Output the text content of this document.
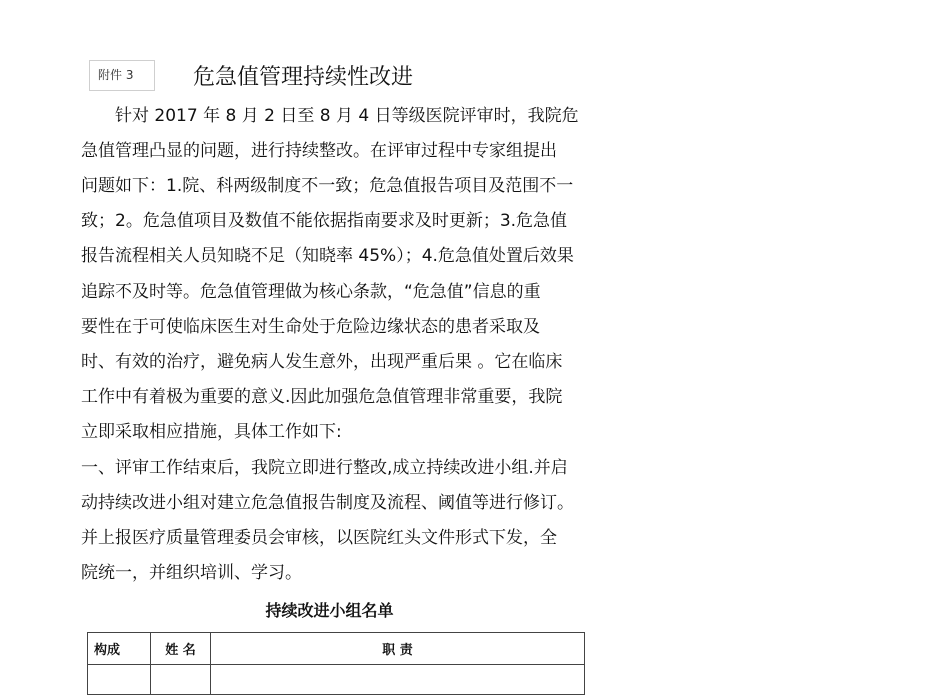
附件 3	危急值管理持续性改进
　　针对 2017 年 8 月 2 日至 8 月 4 日等级医院评审时，我院危
急值管理凸显的问题，进行持续整改。在评审过程中专家组提出
问题如下：1.院、科两级制度不一致；危急值报告项目及范围不一
致；2。危急值项目及数值不能依据指南要求及时更新；3.危急值
报告流程相关人员知晓不足（知晓率 45%）；4.危急值处置后效果
追踪不及时等。危急值管理做为核心条款，“危急值”信息的重
要性在于可使临床医生对生命处于危险边缘状态的患者采取及
时、有效的治疗，避免病人发生意外，出现严重后果 。它在临床
工作中有着极为重要的意义.因此加强危急值管理非常重要，我院
立即采取相应措施，具体工作如下:
一、评审工作结束后，我院立即进行整改,成立持续改进小组.并启
动持续改进小组对建立危急值报告制度及流程、阈值等进行修订。
并上报医疗质量管理委员会审核，以医院红头文件形式下发，全
院统一，并组织培训、学习。
持续改进小组名单
构成	姓 名	职 责
